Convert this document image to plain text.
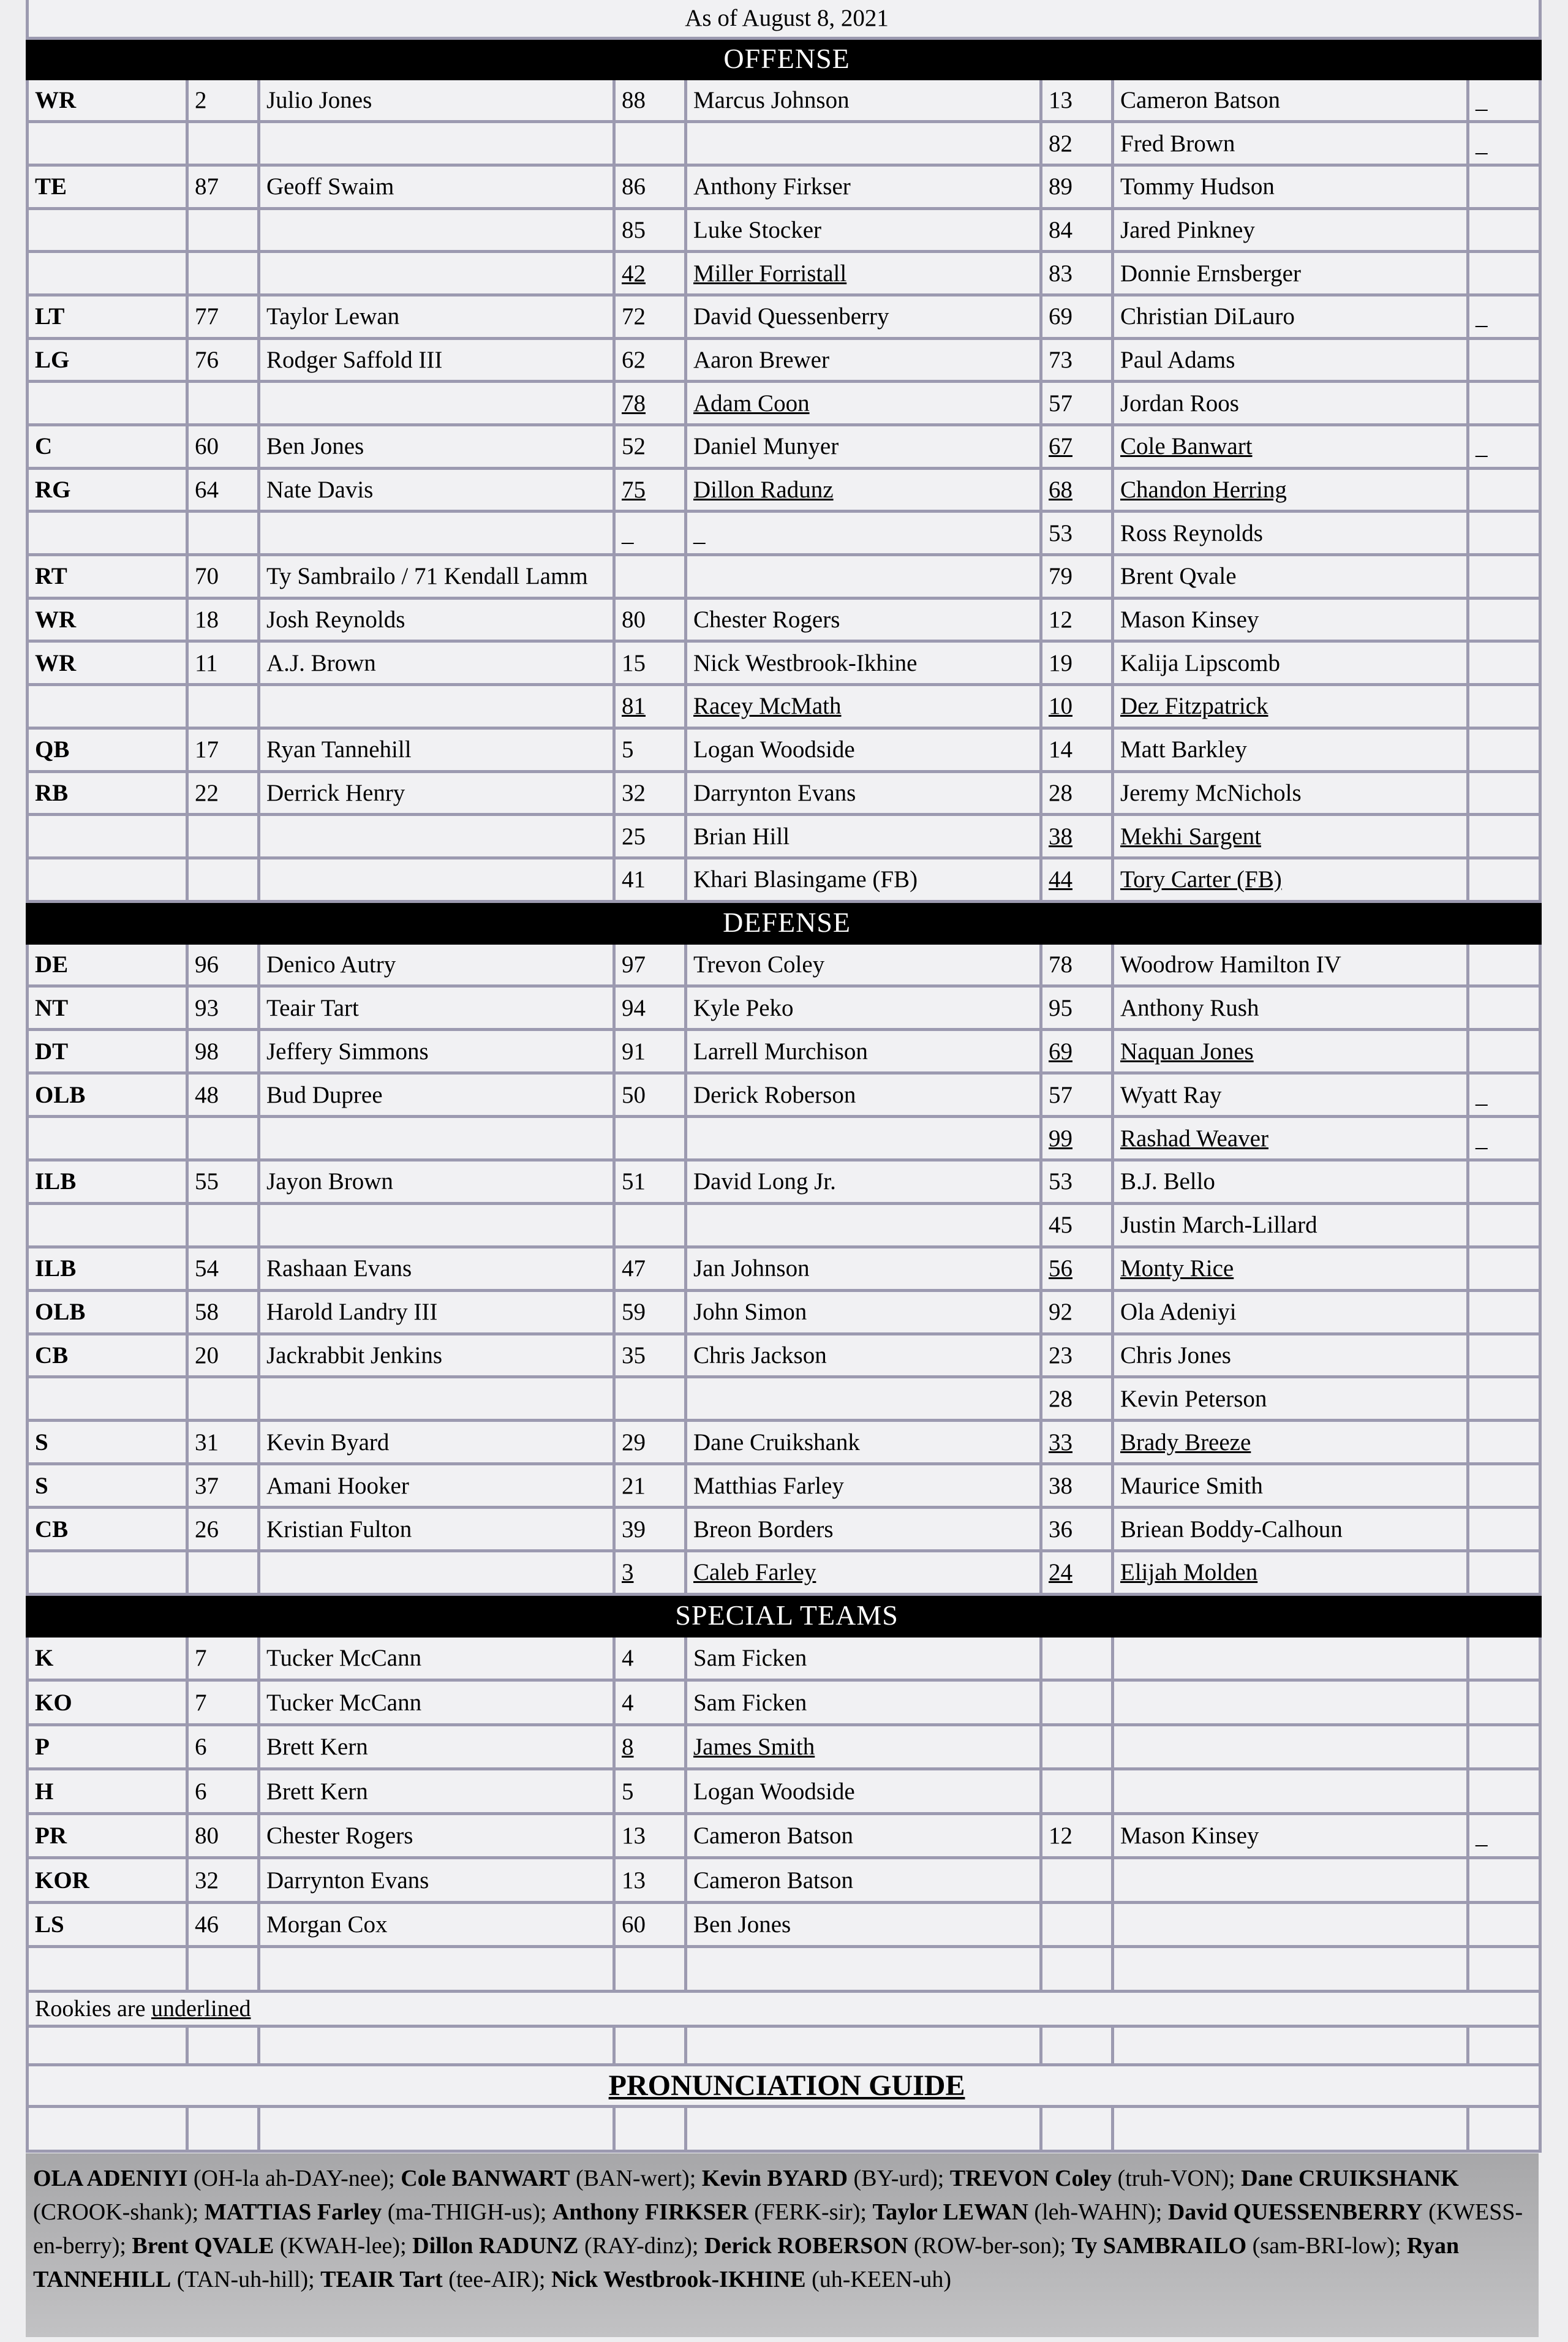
As of August 8, 2021							
OFFENSE							
WR	2	Julio Jones	88	Marcus Johnson	13	Cameron Batson	_
					82	Fred Brown	_
TE	87	Geoff Swaim	86	Anthony Firkser	89	Tommy Hudson	
			85	Luke Stocker	84	Jared Pinkney	
			42	Miller Forristall	83	Donnie Ernsberger	
LT	77	Taylor Lewan	72	David Quessenberry	69	Christian DiLauro	_
LG	76	Rodger Saffold III	62	Aaron Brewer	73	Paul Adams	
			78	Adam Coon	57	Jordan Roos	
C	60	Ben Jones	52	Daniel Munyer	67	Cole Banwart	_
RG	64	Nate Davis	75	Dillon Radunz	68	Chandon Herring	
			_	_	53	Ross Reynolds	
RT	70	Ty Sambrailo / 71 Kendall Lamm			79	Brent Qvale	
WR	18	Josh Reynolds	80	Chester Rogers	12	Mason Kinsey	
WR	11	A.J. Brown	15	Nick Westbrook-Ikhine	19	Kalija Lipscomb	
			81	Racey McMath	10	Dez Fitzpatrick	
QB	17	Ryan Tannehill	5	Logan Woodside	14	Matt Barkley	
RB	22	Derrick Henry	32	Darrynton Evans	28	Jeremy McNichols	
			25	Brian Hill	38	Mekhi Sargent	
			41	Khari Blasingame (FB)	44	Tory Carter (FB)	
DEFENSE							
DE	96	Denico Autry	97	Trevon Coley	78	Woodrow Hamilton IV	
NT	93	Teair Tart	94	Kyle Peko	95	Anthony Rush	
DT	98	Jeffery Simmons	91	Larrell Murchison	69	Naquan Jones	
OLB	48	Bud Dupree	50	Derick Roberson	57	Wyatt Ray	_
					99	Rashad Weaver	_
ILB	55	Jayon Brown	51	David Long Jr.	53	B.J. Bello	
					45	Justin March-Lillard	
ILB	54	Rashaan Evans	47	Jan Johnson	56	Monty Rice	
OLB	58	Harold Landry III	59	John Simon	92	Ola Adeniyi	
CB	20	Jackrabbit Jenkins	35	Chris Jackson	23	Chris Jones	
					28	Kevin Peterson	
S	31	Kevin Byard	29	Dane Cruikshank	33	Brady Breeze	
S	37	Amani Hooker	21	Matthias Farley	38	Maurice Smith	
CB	26	Kristian Fulton	39	Breon Borders	36	Briean Boddy-Calhoun	
			3	Caleb Farley	24	Elijah Molden	
SPECIAL TEAMS							
K	7	Tucker McCann	4	Sam Ficken			
KO	7	Tucker McCann	4	Sam Ficken			
P	6	Brett Kern	8	James Smith			
H	6	Brett Kern	5	Logan Woodside			
PR	80	Chester Rogers	13	Cameron Batson	12	Mason Kinsey	_
KOR	32	Darrynton Evans	13	Cameron Batson			
LS	46	Morgan Cox	60	Ben Jones			

Rookies are underlined							

PRONUNCIATION GUIDE							

OLA ADENIYI (OH-la ah-DAY-nee); Cole BANWART (BAN-wert); Kevin BYARD (BY-urd); TREVON Coley (truh-VON); Dane CRUIKSHANK (CROOK-shank); MATTIAS Farley (ma-THIGH-us); Anthony FIRKSER (FERK-sir); Taylor LEWAN (leh-WAHN); David QUESSENBERRY (KWESS-en-berry); Brent QVALE (KWAH-lee); Dillon RADUNZ (RAY-dinz); Derick ROBERSON (ROW-ber-son); Ty SAMBRAILO (sam-BRI-low); Ryan TANNEHILL (TAN-uh-hill); TEAIR Tart (tee-AIR); Nick Westbrook-IKHINE (uh-KEEN-uh)
